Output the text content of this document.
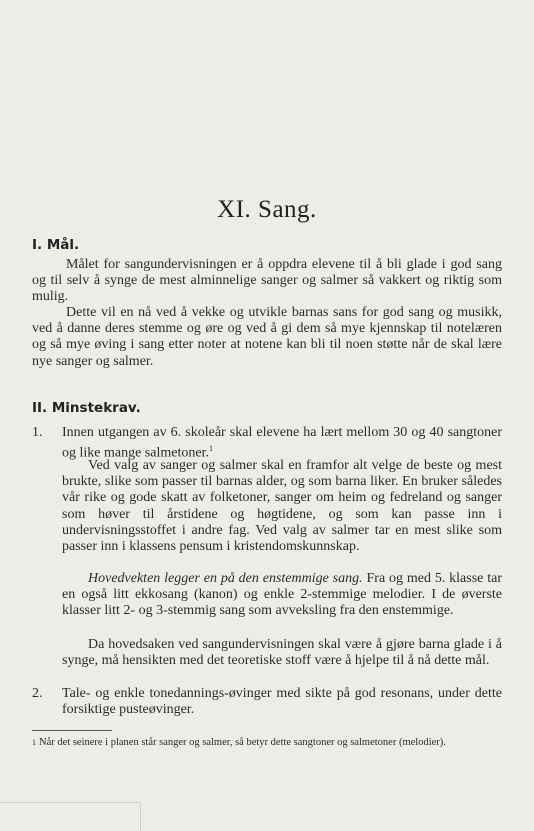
XI. Sang.
I. Mål.
Målet for sangundervisningen er å oppdra elevene til å bli glade i god sang og til selv å synge de mest alminnelige sanger og salmer så vakkert og riktig som mulig.
Dette vil en nå ved å vekke og utvikle barnas sans for god sang og musikk, ved å danne deres stemme og øre og ved å gi dem så mye kjennskap til notelæren og så mye øving i sang etter noter at notene kan bli til noen støtte når de skal lære nye sanger og salmer.
II. Minstekrav.
1.	Innen utgangen av 6. skoleår skal elevene ha lært mellom 30 og 40 sangtoner og like mange salmetoner.$^1$
Ved valg av sanger og salmer skal en framfor alt velge de beste og mest brukte, slike som passer til barnas alder, og som barna liker. En bruker således vår rike og gode skatt av folketoner, sanger om heim og fedreland og sanger som høver til årstidene og høgtidene, og som kan passe inn i undervisningsstoffet i andre fag. Ved valg av salmer tar en mest slike som passer inn i klassens pensum i kristendomskunnskap.
Hovedvekten legger en på den enstemmige sang. Fra og med 5. klasse tar en også litt ekkosang (kanon) og enkle 2-stemmige melodier. I de øverste klasser litt 2- og 3-stemmig sang som avveksling fra den enstemmige.
Da hovedsaken ved sangundervisningen skal være å gjøre barna glade i å synge, må hensikten med det teoretiske stoff være å hjelpe til å nå dette mål.
2.	Tale- og enkle tonedannings-øvinger med sikte på god resonans, under dette forsiktige pusteøvinger.
$^1$ Når det seinere i planen står sanger og salmer, så betyr dette sangtoner og salmetoner (melodier).
